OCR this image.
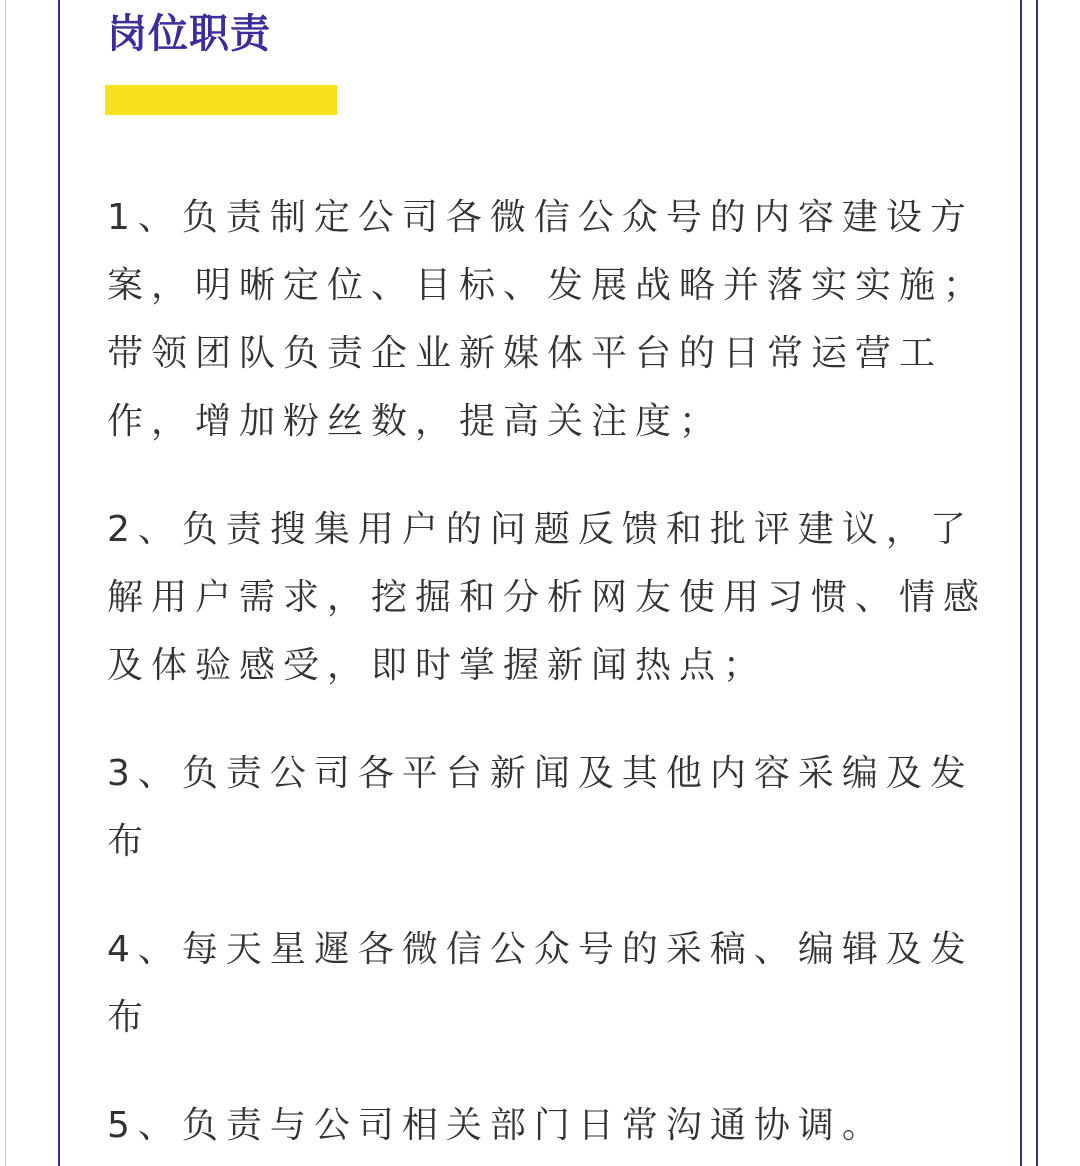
岗位职责

1、负责制定公司各微信公众号的内容建设方案，明晰定位、目标、发展战略并落实实施；带领团队负责企业新媒体平台的日常运营工作，增加粉丝数，提高关注度；

2、负责搜集用户的问题反馈和批评建议，了解用户需求，挖掘和分析网友使用习惯、情感及体验感受，即时掌握新闻热点；

3、负责公司各平台新闻及其他内容采编及发布

4、每天星遲各微信公众号的采稿、编辑及发布

5、负责与公司相关部门日常沟通协调。
